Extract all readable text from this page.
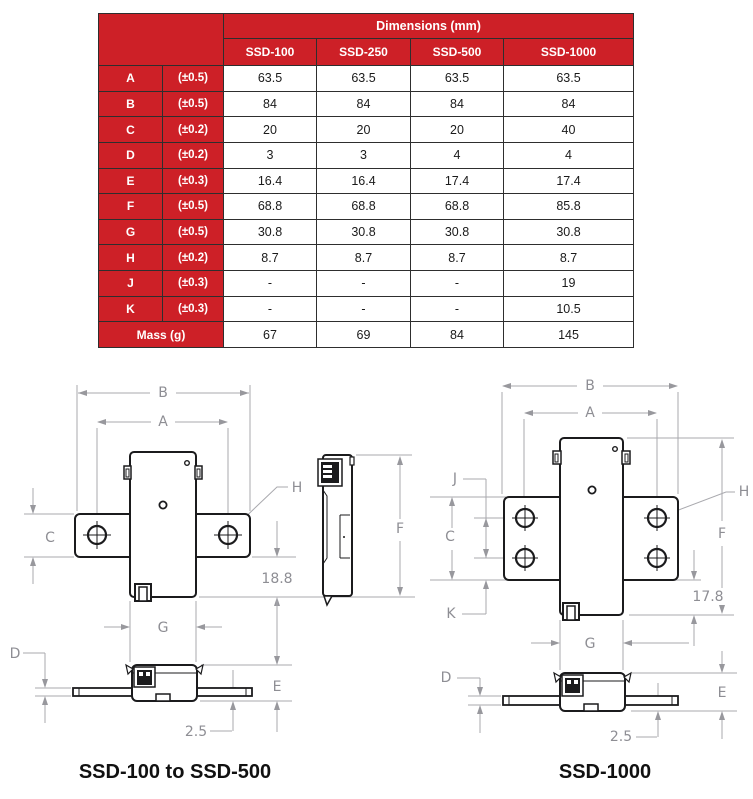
		Dimensions (mm)			
		SSD-100	SSD-250	SSD-500	SSD-1000
A	(±0.5)	63.5	63.5	63.5	63.5
B	(±0.5)	84	84	84	84
C	(±0.2)	20	20	20	40
D	(±0.2)	3	3	4	4
E	(±0.3)	16.4	16.4	17.4	17.4
F	(±0.5)	68.8	68.8	68.8	85.8
G	(±0.5)	30.8	30.8	30.8	30.8
H	(±0.2)	8.7	8.7	8.7	8.7
J	(±0.3)	-	-	-	19
K	(±0.3)	-	-	-	10.5
Mass (g)		67	69	84	145
B
A
H
C
18.8
G
D
E
2.5
F
B
A
J
C
K
H
F
17.8
G
D
E
2.5
SSD-100 to SSD-500	SSD-1000
